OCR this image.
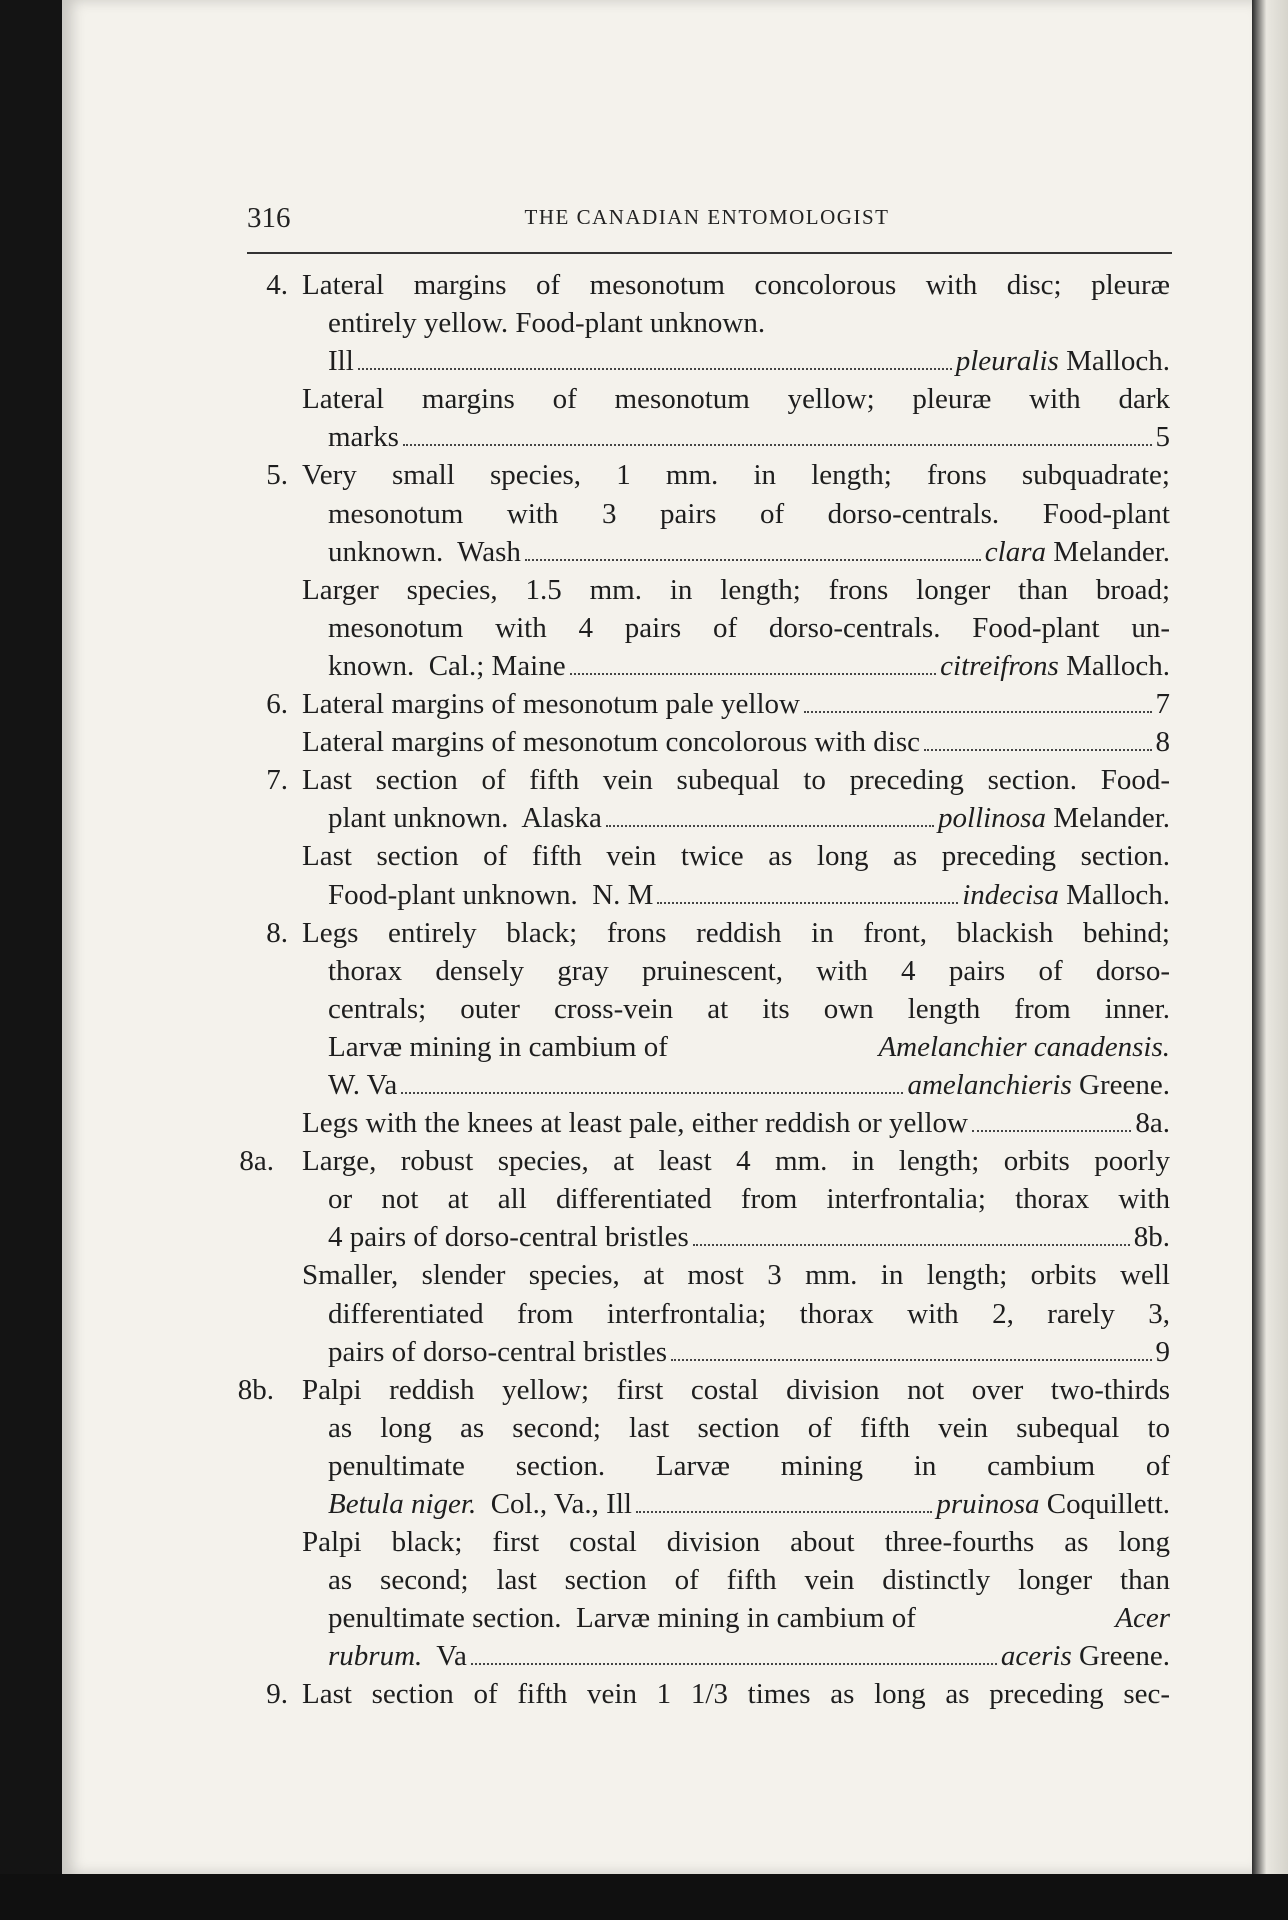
316	THE CANADIAN ENTOMOLOGIST
4. Lateral margins of mesonotum concolorous with disc; pleuræ
entirely yellow. Food-plant unknown.
Ill	pleuralis Malloch.
Lateral margins of mesonotum yellow; pleuræ with dark
marks	5
5. Very small species, 1 mm. in length; frons subquadrate;
mesonotum with 3 pairs of dorso-centrals. Food-plant
unknown.  Wash	clara Melander.
Larger species, 1.5 mm. in length; frons longer than broad;
mesonotum with 4 pairs of dorso-centrals. Food-plant un-
known.  Cal.; Maine	citreifrons Malloch.
6. Lateral margins of mesonotum pale yellow	7
Lateral margins of mesonotum concolorous with disc	8
7. Last section of fifth vein subequal to preceding section. Food-
plant unknown.  Alaska	pollinosa Melander.
Last section of fifth vein twice as long as preceding section.
Food-plant unknown.  N. M	indecisa Malloch.
8. Legs entirely black; frons reddish in front, blackish behind;
thorax densely gray pruinescent, with 4 pairs of dorso-
centrals; outer cross-vein at its own length from inner.
Larvæ mining in cambium of	Amelanchier canadensis.
W. Va	amelanchieris Greene.
Legs with the knees at least pale, either reddish or yellow	8a.
8a. Large, robust species, at least 4 mm. in length; orbits poorly
or not at all differentiated from interfrontalia; thorax with
4 pairs of dorso-central bristles	8b.
Smaller, slender species, at most 3 mm. in length; orbits well
differentiated from interfrontalia; thorax with 2, rarely 3,
pairs of dorso-central bristles	9
8b. Palpi reddish yellow; first costal division not over two-thirds
as long as second; last section of fifth vein subequal to
penultimate section. Larvæ mining in cambium of
Betula niger. Col., Va., Ill	pruinosa Coquillett.
Palpi black; first costal division about three-fourths as long
as second; last section of fifth vein distinctly longer than
penultimate section.  Larvæ mining in cambium of	Acer
rubrum. Va	aceris Greene.
9. Last section of fifth vein 1 1/3 times as long as preceding sec-
